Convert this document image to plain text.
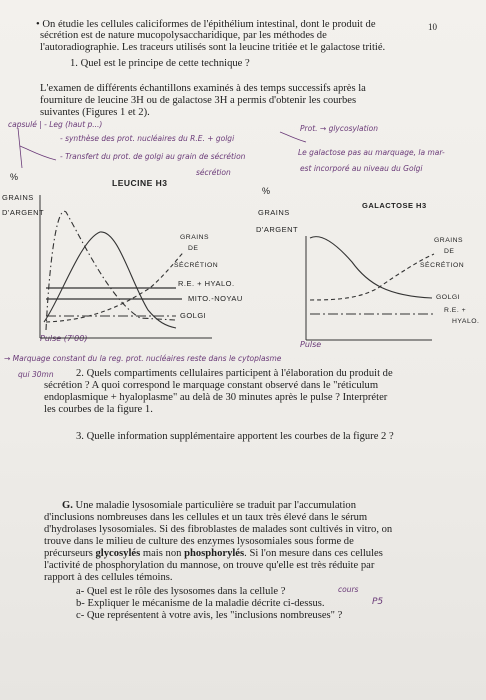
10
• On étudie les cellules caliciformes de l'épithélium intestinal, dont le produit de
sécrétion est de nature mucopolysaccharidique, par les méthodes de
l'autoradiographie. Les traceurs utilisés sont la leucine tritiée et le galactose tritié.
1. Quel est le principe de cette technique ?
L'examen de différents échantillons examinés à des temps successifs après la
fourniture de leucine 3H ou de galactose 3H a permis d'obtenir les courbes
suivantes (Figures 1 et 2).
capsulé | - Leg (haut p...)
- synthèse des prot. nucléaires du R.E. + golgi
- Transfert du prot. de golgi au grain de sécrétion
sécrétion
Prot. → glycosylation
Le galactose pas au marquage, la mar-
est incorporé au niveau du Golgi
%
GRAINS
D'ARGENT
LEUCINE H3
GRAINS
DE
SÉCRÉTION
R.E. + HYALO.
MITO.-NOYAU
GOLGI
%
GRAINS
D'ARGENT
GALACTOSE H3
GRAINS
DE
SÉCRÉTION
GOLGI
R.E. +
HYALO.
Pulse (7'00)
Pulse
→ Marquage constant du la reg. prot. nucléaires reste dans le cytoplasme
qui 30mn 2. Quels compartiments cellulaires participent à l'élaboration du produit de
sécrétion ? A quoi correspond le marquage constant observé dans le "réticulum
endoplasmique + hyaloplasme" au delà de 30 minutes après le pulse ? Interpréter
les courbes de la figure 1.
3. Quelle information supplémentaire apportent les courbes de la figure 2 ?
G. Une maladie lysosomiale particulière se traduit par l'accumulation
d'inclusions nombreuses dans les cellules et un taux très élevé dans le sérum
d'hydrolases lysosomiales. Si des fibroblastes de malades sont cultivés in vitro, on
trouve dans le milieu de culture des enzymes lysosomiales sous forme de
précurseurs glycosylés mais non phosphorylés. Si l'on mesure dans ces cellules
l'activité de phosphorylation du mannose, on trouve qu'elle est très réduite par
rapport à des cellules témoins.
a- Quel est le rôle des lysosomes dans la cellule ?	cours
b- Expliquer le mécanisme de la maladie décrite ci-dessus.	P5
c- Que représentent à votre avis, les "inclusions nombreuses" ?
